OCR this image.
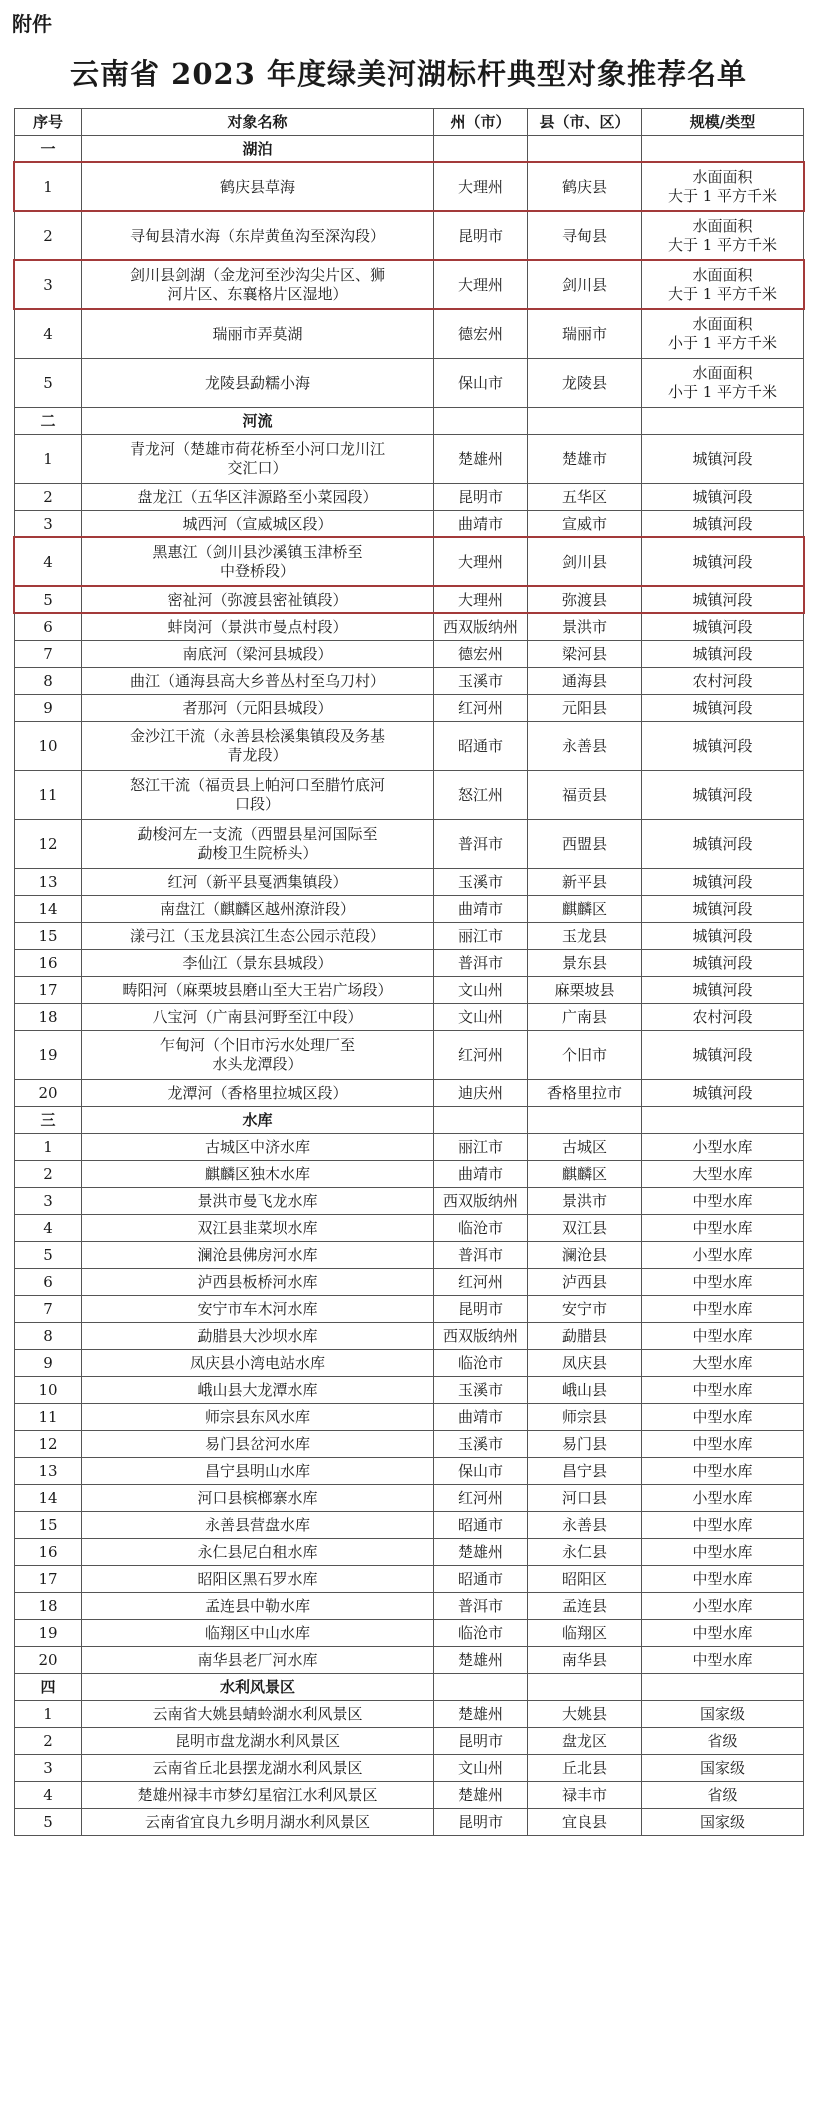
附件
云南省 2023 年度绿美河湖标杆典型对象推荐名单
序号	对象名称	州（市）	县（市、区）	规模/类型
一	湖泊			
1	鹤庆县草海	大理州	鹤庆县	水面面积
大于 1 平方千米
2	寻甸县清水海（东岸黄鱼沟至深沟段）	昆明市	寻甸县	水面面积
大于 1 平方千米
3	剑川县剑湖（金龙河至沙沟尖片区、狮
河片区、东襄格片区湿地）	大理州	剑川县	水面面积
大于 1 平方千米
4	瑞丽市弄莫湖	德宏州	瑞丽市	水面面积
小于 1 平方千米
5	龙陵县勐糯小海	保山市	龙陵县	水面面积
小于 1 平方千米
二	河流			
1	青龙河（楚雄市荷花桥至小河口龙川江
交汇口）	楚雄州	楚雄市	城镇河段
2	盘龙江（五华区沣源路至小菜园段）	昆明市	五华区	城镇河段
3	城西河（宣威城区段）	曲靖市	宣威市	城镇河段
4	黑惠江（剑川县沙溪镇玉津桥至
中登桥段）	大理州	剑川县	城镇河段
5	密祉河（弥渡县密祉镇段）	大理州	弥渡县	城镇河段
6	蚌岗河（景洪市曼点村段）	西双版纳州	景洪市	城镇河段
7	南底河（梁河县城段）	德宏州	梁河县	城镇河段
8	曲江（通海县高大乡普丛村至乌刀村）	玉溪市	通海县	农村河段
9	者那河（元阳县城段）	红河州	元阳县	城镇河段
10	金沙江干流（永善县桧溪集镇段及务基
青龙段）	昭通市	永善县	城镇河段
11	怒江干流（福贡县上帕河口至腊竹底河
口段）	怒江州	福贡县	城镇河段
12	勐梭河左一支流（西盟县星河国际至
勐梭卫生院桥头）	普洱市	西盟县	城镇河段
13	红河（新平县戛洒集镇段）	玉溪市	新平县	城镇河段
14	南盘江（麒麟区越州潦浒段）	曲靖市	麒麟区	城镇河段
15	漾弓江（玉龙县滨江生态公园示范段）	丽江市	玉龙县	城镇河段
16	李仙江（景东县城段）	普洱市	景东县	城镇河段
17	畴阳河（麻栗坡县磨山至大王岩广场段）	文山州	麻栗坡县	城镇河段
18	八宝河（广南县河野至江中段）	文山州	广南县	农村河段
19	乍甸河（个旧市污水处理厂至
水头龙潭段）	红河州	个旧市	城镇河段
20	龙潭河（香格里拉城区段）	迪庆州	香格里拉市	城镇河段
三	水库			
1	古城区中济水库	丽江市	古城区	小型水库
2	麒麟区独木水库	曲靖市	麒麟区	大型水库
3	景洪市曼飞龙水库	西双版纳州	景洪市	中型水库
4	双江县韭菜坝水库	临沧市	双江县	中型水库
5	澜沧县佛房河水库	普洱市	澜沧县	小型水库
6	泸西县板桥河水库	红河州	泸西县	中型水库
7	安宁市车木河水库	昆明市	安宁市	中型水库
8	勐腊县大沙坝水库	西双版纳州	勐腊县	中型水库
9	凤庆县小湾电站水库	临沧市	凤庆县	大型水库
10	峨山县大龙潭水库	玉溪市	峨山县	中型水库
11	师宗县东风水库	曲靖市	师宗县	中型水库
12	易门县岔河水库	玉溪市	易门县	中型水库
13	昌宁县明山水库	保山市	昌宁县	中型水库
14	河口县槟榔寨水库	红河州	河口县	小型水库
15	永善县营盘水库	昭通市	永善县	中型水库
16	永仁县尼白租水库	楚雄州	永仁县	中型水库
17	昭阳区黑石罗水库	昭通市	昭阳区	中型水库
18	孟连县中勒水库	普洱市	孟连县	小型水库
19	临翔区中山水库	临沧市	临翔区	中型水库
20	南华县老厂河水库	楚雄州	南华县	中型水库
四	水利风景区			
1	云南省大姚县蜻蛉湖水利风景区	楚雄州	大姚县	国家级
2	昆明市盘龙湖水利风景区	昆明市	盘龙区	省级
3	云南省丘北县摆龙湖水利风景区	文山州	丘北县	国家级
4	楚雄州禄丰市梦幻星宿江水利风景区	楚雄州	禄丰市	省级
5	云南省宜良九乡明月湖水利风景区	昆明市	宜良县	国家级
